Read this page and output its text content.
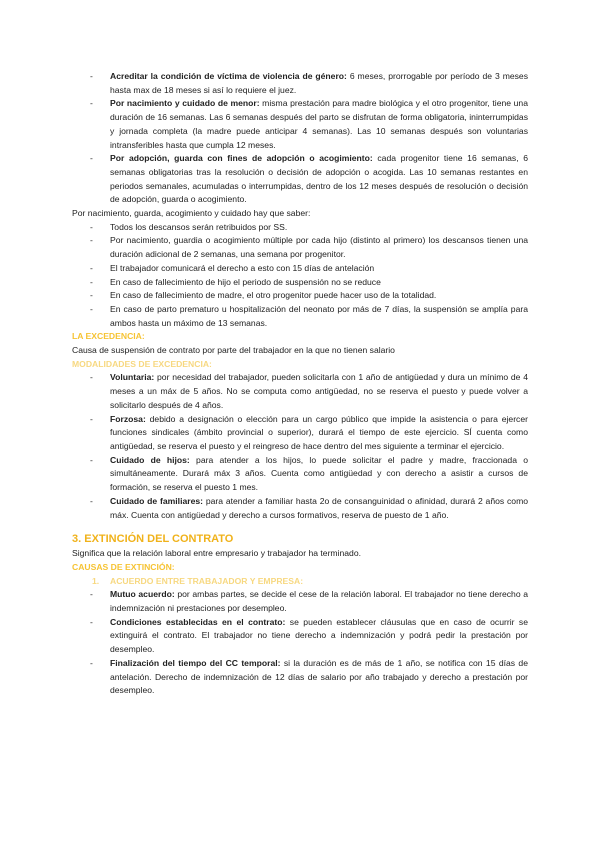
- Acreditar la condición de víctima de violencia de género: 6 meses, prorrogable por período de 3 meses hasta max de 18 meses si así lo requiere el juez.
- Por nacimiento y cuidado de menor: misma prestación para madre biológica y el otro progenitor, tiene una duración de 16 semanas. Las 6 semanas después del parto se disfrutan de forma obligatoria, ininterrumpidas y jornada completa (la madre puede anticipar 4 semanas). Las 10 semanas después son voluntarias intransferibles hasta que cumpla 12 meses.
- Por adopción, guarda con fines de adopción o acogimiento: cada progenitor tiene 16 semanas, 6 semanas obligatorias tras la resolución o decisión de adopción o acogida. Las 10 semanas restantes en periodos semanales, acumuladas o interrumpidas, dentro de los 12 meses después de resolución o decisión de adopción, guarda o acogimiento.
Por nacimiento, guarda, acogimiento y cuidado hay que saber:
- Todos los descansos serán retribuidos por SS.
- Por nacimiento, guardia o acogimiento múltiple por cada hijo (distinto al primero) los descansos tienen una duración adicional de 2 semanas, una semana por progenitor.
- El trabajador comunicará el derecho a esto con 15 días de antelación
- En caso de fallecimiento de hijo el periodo de suspensión no se reduce
- En caso de fallecimiento de madre, el otro progenitor puede hacer uso de la totalidad.
- En caso de parto prematuro u hospitalización del neonato por más de 7 días, la suspensión se amplía para ambos hasta un máximo de 13 semanas.
LA EXCEDENCIA:
Causa de suspensión de contrato por parte del trabajador en la que no tienen salario
MODALIDADES DE EXCEDENCIA:
- Voluntaria: por necesidad del trabajador, pueden solicitarla con 1 año de antigüedad y dura un mínimo de 4 meses a un máx de 5 años. No se computa como antigüedad, no se reserva el puesto y puede volver a solicitarlo después de 4 años.
- Forzosa: debido a designación o elección para un cargo público que impide la asistencia o para ejercer funciones sindicales (ámbito provincial o superior), durará el tiempo de este ejercicio. SÍ cuenta como antigüedad, se reserva el puesto y el reingreso de hace dentro del mes siguiente a terminar el ejercicio.
- Cuidado de hijos: para atender a los hijos, lo puede solicitar el padre y madre, fraccionada o simultáneamente. Durará máx 3 años. Cuenta como antigüedad y con derecho a asistir a cursos de formación, se reserva el puesto 1 mes.
- Cuidado de familiares: para atender a familiar hasta 2o de consanguinidad o afinidad, durará 2 años como máx. Cuenta con antigüedad y derecho a cursos formativos, reserva de puesto de 1 año.
3. EXTINCIÓN DEL CONTRATO
Significa que la relación laboral entre empresario y trabajador ha terminado.
CAUSAS DE EXTINCIÓN:
1. ACUERDO ENTRE TRABAJADOR Y EMPRESA:
- Mutuo acuerdo: por ambas partes, se decide el cese de la relación laboral. El trabajador no tiene derecho a indemnización ni prestaciones por desempleo.
- Condiciones establecidas en el contrato: se pueden establecer cláusulas que en caso de ocurrir se extinguirá el contrato. El trabajador no tiene derecho a indemnización y podrá pedir la prestación por desempleo.
- Finalización del tiempo del CC temporal: si la duración es de más de 1 año, se notifica con 15 días de antelación. Derecho de indemnización de 12 días de salario por año trabajado y derecho a prestación por desempleo.
